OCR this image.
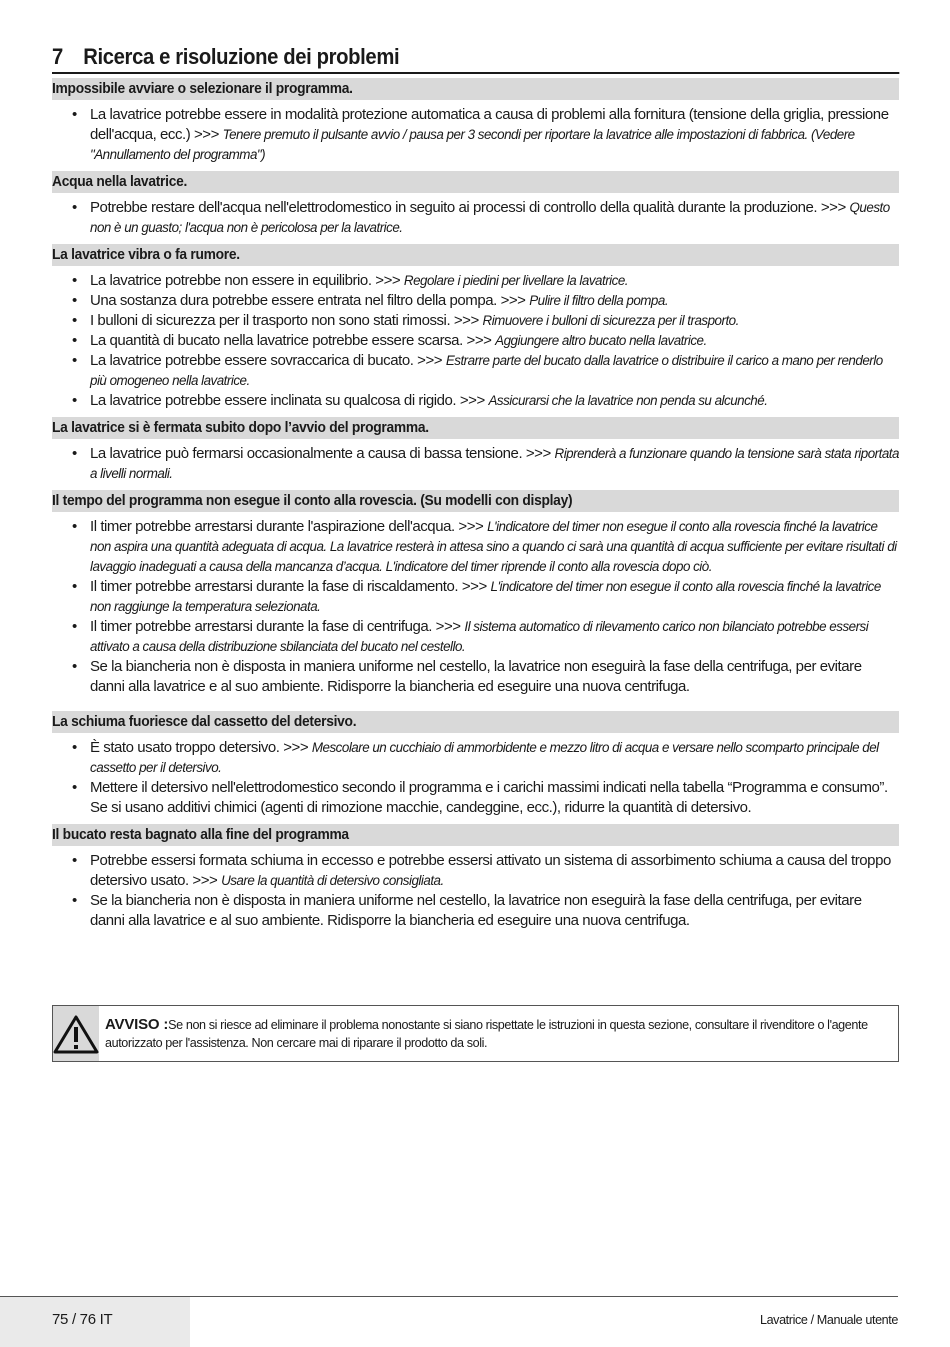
7 Ricerca e risoluzione dei problemi
Impossibile avviare o selezionare il programma.
• La lavatrice potrebbe essere in modalità protezione automatica a causa di problemi alla fornitura (tensione della griglia, pressione dell'acqua, ecc.) >>> Tenere premuto il pulsante avvio / pausa per 3 secondi per riportare la lavatrice alle impostazioni di fabbrica. (Vedere "Annullamento del programma")
Acqua nella lavatrice.
• Potrebbe restare dell'acqua nell'elettrodomestico in seguito ai processi di controllo della qualità durante la produzione. >>> Questo non è un guasto; l'acqua non è pericolosa per la lavatrice.
La lavatrice vibra o fa rumore.
• La lavatrice potrebbe non essere in equilibrio. >>> Regolare i piedini per livellare la lavatrice.
• Una sostanza dura potrebbe essere entrata nel filtro della pompa. >>> Pulire il filtro della pompa.
• I bulloni di sicurezza per il trasporto non sono stati rimossi. >>> Rimuovere i bulloni di sicurezza per il trasporto.
• La quantità di bucato nella lavatrice potrebbe essere scarsa. >>> Aggiungere altro bucato nella lavatrice.
• La lavatrice potrebbe essere sovraccarica di bucato. >>> Estrarre parte del bucato dalla lavatrice o distribuire il carico a mano per renderlo più omogeneo nella lavatrice.
• La lavatrice potrebbe essere inclinata su qualcosa di rigido. >>> Assicurarsi che la lavatrice non penda su alcunché.
La lavatrice si è fermata subito dopo l’avvio del programma.
• La lavatrice può fermarsi occasionalmente a causa di bassa tensione. >>> Riprenderà a funzionare quando la tensione sarà stata riportata a livelli normali.
Il tempo del programma non esegue il conto alla rovescia. (Su modelli con display)
• Il timer potrebbe arrestarsi durante l'aspirazione dell'acqua. >>> L'indicatore del timer non esegue il conto alla rovescia finché la lavatrice non aspira una quantità adeguata di acqua. La lavatrice resterà in attesa sino a quando ci sarà una quantità di acqua sufficiente per evitare risultati di lavaggio inadeguati a causa della mancanza d’acqua. L'indicatore del timer riprende il conto alla rovescia dopo ciò.
• Il timer potrebbe arrestarsi durante la fase di riscaldamento. >>> L'indicatore del timer non esegue il conto alla rovescia finché la lavatrice non raggiunge la temperatura selezionata.
• Il timer potrebbe arrestarsi durante la fase di centrifuga. >>> Il sistema automatico di rilevamento carico non bilanciato potrebbe essersi attivato a causa della distribuzione sbilanciata del bucato nel cestello.
• Se la biancheria non è disposta in maniera uniforme nel cestello, la lavatrice non eseguirà la fase della centrifuga, per evitare danni alla lavatrice e al suo ambiente. Ridisporre la biancheria ed eseguire una nuova centrifuga.
La schiuma fuoriesce dal cassetto del detersivo.
• È stato usato troppo detersivo. >>> Mescolare un cucchiaio di ammorbidente e mezzo litro di acqua e versare nello scomparto principale del cassetto per il detersivo.
• Mettere il detersivo nell'elettrodomestico secondo il programma e i carichi massimi indicati nella tabella “Programma e consumo”. Se si usano additivi chimici (agenti di rimozione macchie, candeggine, ecc.), ridurre la quantità di detersivo.
Il bucato resta bagnato alla fine del programma
• Potrebbe essersi formata schiuma in eccesso e potrebbe essersi attivato un sistema di assorbimento schiuma a causa del troppo detersivo usato. >>> Usare la quantità di detersivo consigliata.
• Se la biancheria non è disposta in maniera uniforme nel cestello, la lavatrice non eseguirà la fase della centrifuga, per evitare danni alla lavatrice e al suo ambiente. Ridisporre la biancheria ed eseguire una nuova centrifuga.
AVVISO :Se non si riesce ad eliminare il problema nonostante si siano rispettate le istruzioni in questa sezione, consultare il rivenditore o l'agente autorizzato per l'assistenza. Non cercare mai di riparare il prodotto da soli.
75 / 76 IT	Lavatrice / Manuale utente
